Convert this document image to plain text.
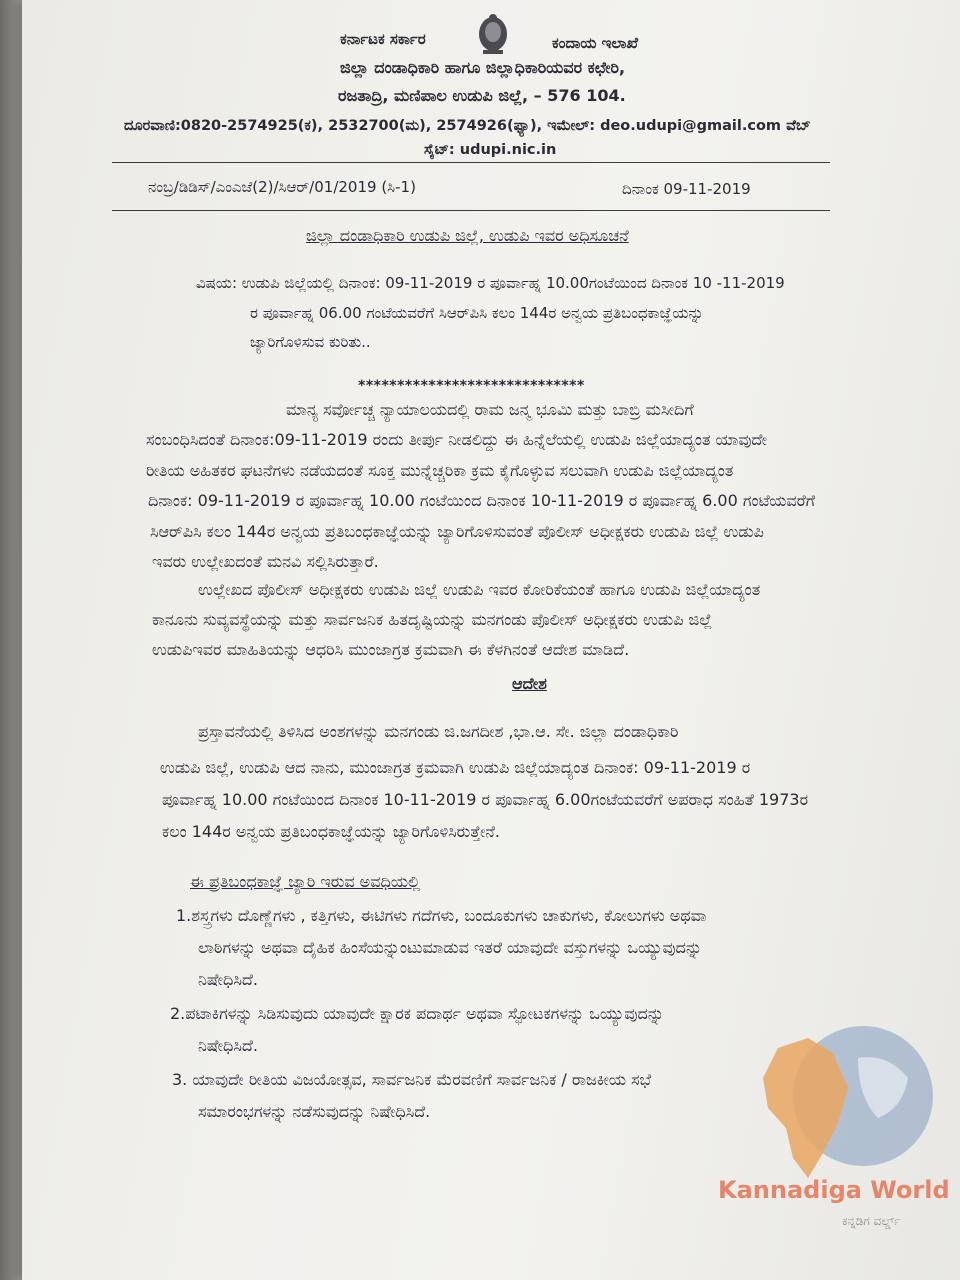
ಕರ್ನಾಟಕ ಸರ್ಕಾರ	ಕಂದಾಯ ಇಲಾಖೆ
ಜಿಲ್ಲಾ ದಂಡಾಧಿಕಾರಿ ಹಾಗೂ ಜಿಲ್ಲಾಧಿಕಾರಿಯವರ ಕಛೇರಿ,
ರಜತಾದ್ರಿ, ಮಣಿಪಾಲ ಉಡುಪಿ ಜಿಲ್ಲೆ, – 576 104.
ದೂರವಾಣಿ:0820-2574925(ಕ), 2532700(ಮ), 2574926(ಫ್ಯಾ), ಇಮೇಲ್: deo.udupi@gmail.com ವೆಬ್
ಸೈಟ್: udupi.nic.in
ನಂಬ್ರ/ಡಿಡಿಸ್/ಎಂಎಜೆ(2)/ಸಿಆರ್/01/2019 (ಸಿ-1)	ದಿನಾಂಕ 09-11-2019
ಜಿಲ್ಲಾ ದಂಡಾಧಿಕಾರಿ ಉಡುಪಿ ಜಿಲ್ಲೆ, ಉಡುಪಿ ಇವರ ಅಧಿಸೂಚನೆ
ವಿಷಯ: ಉಡುಪಿ ಜಿಲ್ಲೆಯಲ್ಲಿ ದಿನಾಂಕ: 09-11-2019 ರ ಪೂರ್ವಾಹ್ನ 10.00ಗಂಟೆಯಿಂದ ದಿನಾಂಕ 10 -11-2019
ರ ಪೂರ್ವಾಹ್ನ 06.00 ಗಂಟೆಯವರೆಗೆ ಸಿಆರ್‌ಪಿಸಿ ಕಲಂ 144ರ ಅನ್ವಯ ಪ್ರತಿಬಂಧಕಾಜ್ಞೆಯನ್ನು
ಜ್ಯಾರಿಗೊಳಿಸುವ ಕುರಿತು..
*****************************
ಮಾನ್ಯ ಸರ್ವೋಚ್ಚ ನ್ಯಾಯಾಲಯದಲ್ಲಿ ರಾಮ ಜನ್ಮ ಭೂಮಿ ಮತ್ತು ಬಾಬ್ರಿ ಮಸೀದಿಗೆ
ಸಂಬಂಧಿಸಿದಂತೆ ದಿನಾಂಕ:09-11-2019 ರಂದು ತೀರ್ಪು ನೀಡಲಿದ್ದು ಈ ಹಿನ್ನೆಲೆಯಲ್ಲಿ ಉಡುಪಿ ಜಿಲ್ಲೆಯಾದ್ಯಂತ ಯಾವುದೇ
ರೀತಿಯ ಅಹಿತಕರ ಘಟನೆಗಳು ನಡೆಯದಂತೆ ಸೂಕ್ತ ಮುನ್ನೆಚ್ಚರಿಕಾ ಕ್ರಮ ಕೈಗೊಳ್ಳುವ ಸಲುವಾಗಿ ಉಡುಪಿ ಜಿಲ್ಲೆಯಾದ್ಯಂತ
ದಿನಾಂಕ: 09-11-2019 ರ ಪೂರ್ವಾಹ್ನ 10.00 ಗಂಟೆಯಿಂದ ದಿನಾಂಕ 10-11-2019 ರ ಪೂರ್ವಾಹ್ನ 6.00 ಗಂಟೆಯವರೆಗೆ
ಸಿಆರ್‌ಪಿಸಿ ಕಲಂ 144ರ ಅನ್ವಯ ಪ್ರತಿಬಂಧಕಾಜ್ಞೆಯನ್ನು ಜ್ಯಾರಿಗೊಳಿಸುವಂತೆ ಪೊಲೀಸ್ ಅಧೀಕ್ಷಕರು ಉಡುಪಿ ಜಿಲ್ಲೆ ಉಡುಪಿ
ಇವರು ಉಲ್ಲೇಖದಂತೆ ಮನವಿ ಸಲ್ಲಿಸಿರುತ್ತಾರೆ.
ಉಲ್ಲೇಖದ ಪೊಲೀಸ್ ಅಧೀಕ್ಷಕರು ಉಡುಪಿ ಜಿಲ್ಲೆ ಉಡುಪಿ ಇವರ ಕೋರಿಕೆಯಂತೆ ಹಾಗೂ ಉಡುಪಿ ಜಿಲ್ಲೆಯಾದ್ಯಂತ
ಕಾನೂನು ಸುವ್ಯವಸ್ಥೆಯನ್ನು ಮತ್ತು ಸಾರ್ವಜನಿಕ ಹಿತದೃಷ್ಟಿಯನ್ನು ಮನಗಂಡು ಪೊಲೀಸ್ ಅಧೀಕ್ಷಕರು ಉಡುಪಿ ಜಿಲ್ಲೆ
ಉಡುಪಿಇವರ ಮಾಹಿತಿಯನ್ನು ಆಧರಿಸಿ ಮುಂಜಾಗ್ರತ ಕ್ರಮವಾಗಿ ಈ ಕೆಳಗಿನಂತೆ ಆದೇಶ ಮಾಡಿದೆ.
ಆದೇಶ
ಪ್ರಸ್ತಾವನೆಯಲ್ಲಿ ತಿಳಿಸಿದ ಅಂಶಗಳನ್ನು ಮನಗಂಡು ಜಿ.ಜಗದೀಶ ,ಭಾ.ಆ. ಸೇ. ಜಿಲ್ಲಾ ದಂಡಾಧಿಕಾರಿ
ಉಡುಪಿ ಜಿಲ್ಲೆ, ಉಡುಪಿ ಆದ ನಾನು, ಮುಂಜಾಗ್ರತ ಕ್ರಮವಾಗಿ ಉಡುಪಿ ಜಿಲ್ಲೆಯಾದ್ಯಂತ ದಿನಾಂಕ: 09-11-2019 ರ
ಪೂರ್ವಾಹ್ನ 10.00 ಗಂಟೆಯಿಂದ ದಿನಾಂಕ 10-11-2019 ರ ಪೂರ್ವಾಹ್ನ 6.00ಗಂಟೆಯವರೆಗೆ ಅಪರಾಧ ಸಂಹಿತೆ 1973ರ
ಕಲಂ 144ರ ಅನ್ವಯ ಪ್ರತಿಬಂಧಕಾಜ್ಞೆಯನ್ನು ಜ್ಯಾರಿಗೊಳಿಸಿರುತ್ತೇನೆ.
ಈ ಪ್ರತಿಬಂಧಕಾಜ್ಞೆ ಜ್ಯಾರಿ ಇರುವ ಅವಧಿಯಲ್ಲಿ
1.ಶಸ್ತ್ರಗಳು ದೊಣ್ಣೆಗಳು , ಕತ್ತಿಗಳು, ಈಟಿಗಳು ಗದೆಗಳು, ಬಂದೂಕುಗಳು ಚಾಕುಗಳು, ಕೋಲುಗಳು ಅಥವಾ
ಲಾಠಿಗಳನ್ನು ಅಥವಾ ದೈಹಿಕ ಹಿಂಸೆಯನ್ನುಂಟುಮಾಡುವ ಇತರೆ ಯಾವುದೇ ವಸ್ತುಗಳನ್ನು ಒಯ್ಯುವುದನ್ನು
ನಿಷೇಧಿಸಿದೆ.
2.ಪಟಾಕಿಗಳನ್ನು ಸಿಡಿಸುವುದು ಯಾವುದೇ ಕ್ಷಾರಕ ಪದಾರ್ಥ ಅಥವಾ ಸ್ಫೋಟಕಗಳನ್ನು ಒಯ್ಯುವುದನ್ನು
ನಿಷೇಧಿಸಿದೆ.
3. ಯಾವುದೇ ರೀತಿಯ ವಿಜಯೋತ್ಸವ, ಸಾರ್ವಜನಿಕ ಮೆರವಣಿಗೆ ಸಾರ್ವಜನಿಕ / ರಾಜಕೀಯ ಸಭೆ
ಸಮಾರಂಭಗಳನ್ನು ನಡೆಸುವುದನ್ನು ನಿಷೇಧಿಸಿದೆ.
Kannadiga World
ಕನ್ನಡಿಗ ವರ್ಲ್ಡ್
